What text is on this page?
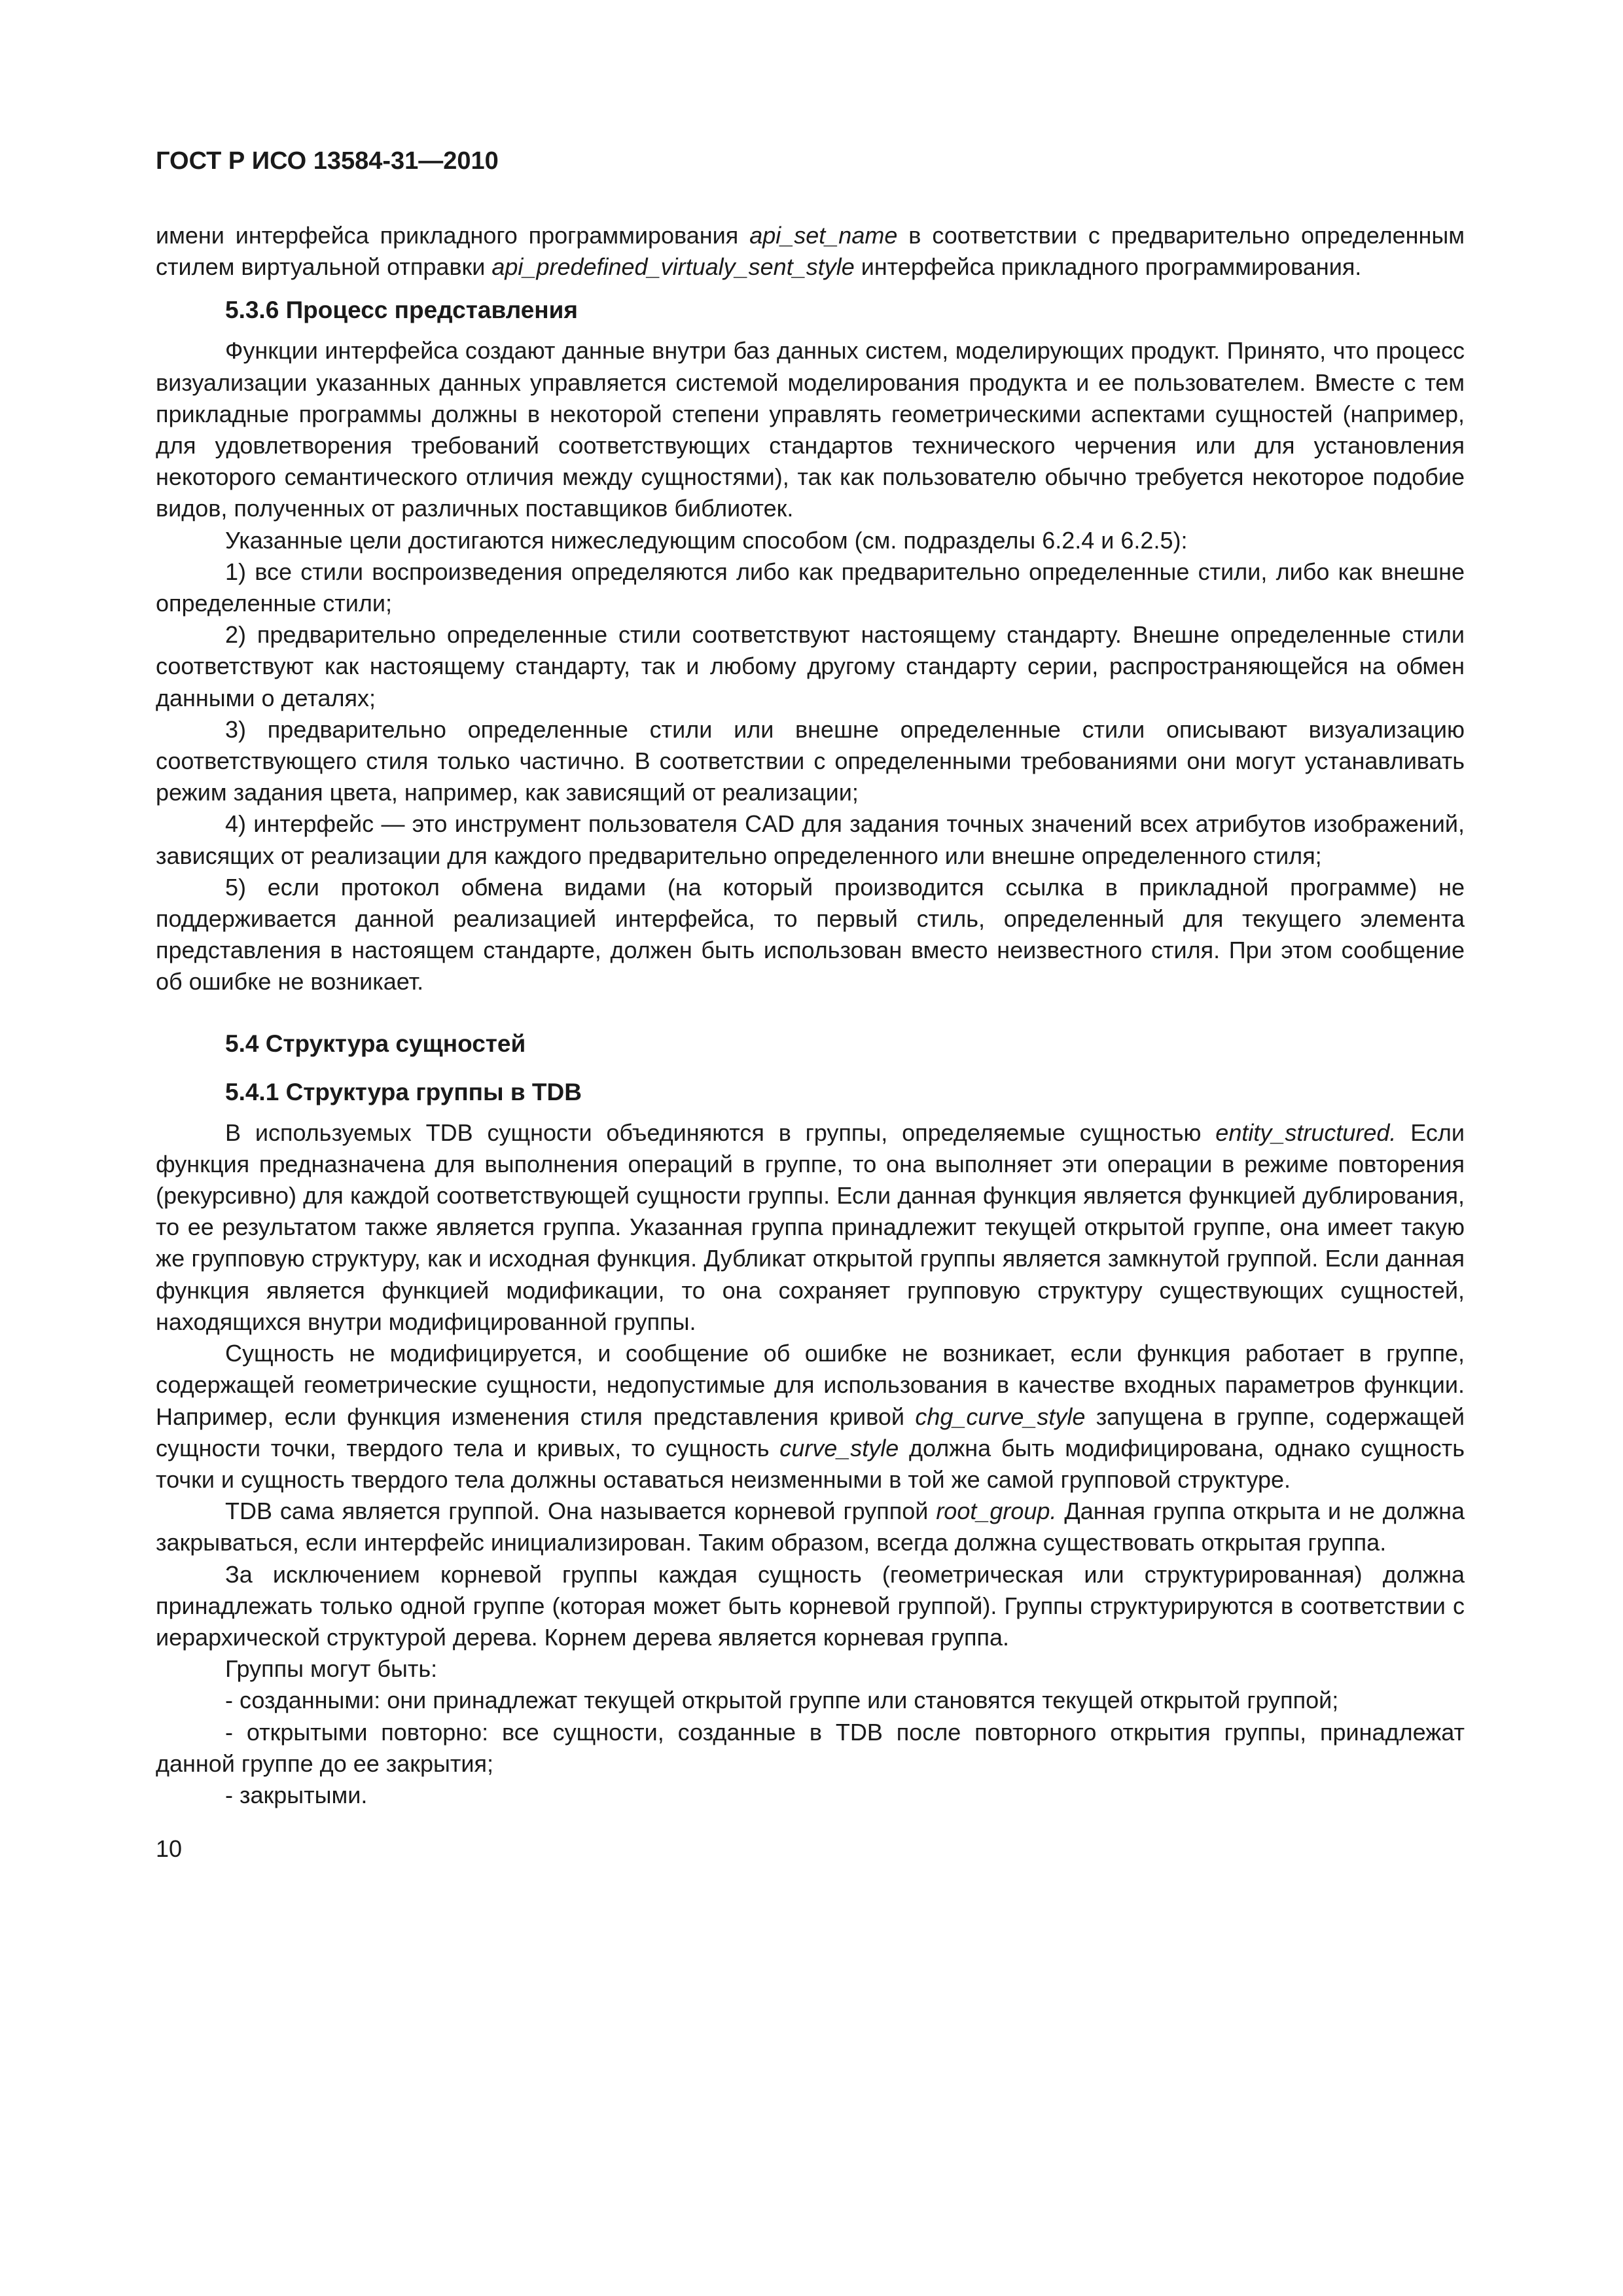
ГОСТ Р ИСО 13584-31—2010

имени интерфейса прикладного программирования api_set_name в соответствии с предварительно определенным стилем виртуальной отправки api_predefined_virtualy_sent_style интерфейса прикладного программирования.

5.3.6 Процесс представления

Функции интерфейса создают данные внутри баз данных систем, моделирующих продукт. Принято, что процесс визуализации указанных данных управляется системой моделирования продукта и ее пользователем. Вместе с тем прикладные программы должны в некоторой степени управлять геометрическими аспектами сущностей (например, для удовлетворения требований соответствующих стандартов технического черчения или для установления некоторого семантического отличия между сущностями), так как пользователю обычно требуется некоторое подобие видов, полученных от различных поставщиков библиотек.

Указанные цели достигаются нижеследующим способом (см. подразделы 6.2.4 и 6.2.5):

1) все стили воспроизведения определяются либо как предварительно определенные стили, либо как внешне определенные стили;

2) предварительно определенные стили соответствуют настоящему стандарту. Внешне определенные стили соответствуют как настоящему стандарту, так и любому другому стандарту серии, распространяющейся на обмен данными о деталях;

3) предварительно определенные стили или внешне определенные стили описывают визуализацию соответствующего стиля только частично. В соответствии с определенными требованиями они могут устанавливать режим задания цвета, например, как зависящий от реализации;

4) интерфейс — это инструмент пользователя CAD для задания точных значений всех атрибутов изображений, зависящих от реализации для каждого предварительно определенного или внешне определенного стиля;

5) если протокол обмена видами (на который производится ссылка в прикладной программе) не поддерживается данной реализацией интерфейса, то первый стиль, определенный для текущего элемента представления в настоящем стандарте, должен быть использован вместо неизвестного стиля. При этом сообщение об ошибке не возникает.

5.4 Структура сущностей
5.4.1 Структура группы в TDB

В используемых TDB сущности объединяются в группы, определяемые сущностью entity_structured. Если функция предназначена для выполнения операций в группе, то она выполняет эти операции в режиме повторения (рекурсивно) для каждой соответствующей сущности группы. Если данная функция является функцией дублирования, то ее результатом также является группа. Указанная группа принадлежит текущей открытой группе, она имеет такую же групповую структуру, как и исходная функция. Дубликат открытой группы является замкнутой группой. Если данная функция является функцией модификации, то она сохраняет групповую структуру существующих сущностей, находящихся внутри модифицированной группы.

Сущность не модифицируется, и сообщение об ошибке не возникает, если функция работает в группе, содержащей геометрические сущности, недопустимые для использования в качестве входных параметров функции. Например, если функция изменения стиля представления кривой chg_curve_style запущена в группе, содержащей сущности точки, твердого тела и кривых, то сущность curve_style должна быть модифицирована, однако сущность точки и сущность твердого тела должны оставаться неизменными в той же самой групповой структуре.

TDB сама является группой. Она называется корневой группой root_group. Данная группа открыта и не должна закрываться, если интерфейс инициализирован. Таким образом, всегда должна существовать открытая группа.

За исключением корневой группы каждая сущность (геометрическая или структурированная) должна принадлежать только одной группе (которая может быть корневой группой). Группы структурируются в соответствии с иерархической структурой дерева. Корнем дерева является корневая группа.

Группы могут быть:

- созданными: они принадлежат текущей открытой группе или становятся текущей открытой группой;

- открытыми повторно: все сущности, созданные в TDB после повторного открытия группы, принадлежат данной группе до ее закрытия;

- закрытыми.

10
